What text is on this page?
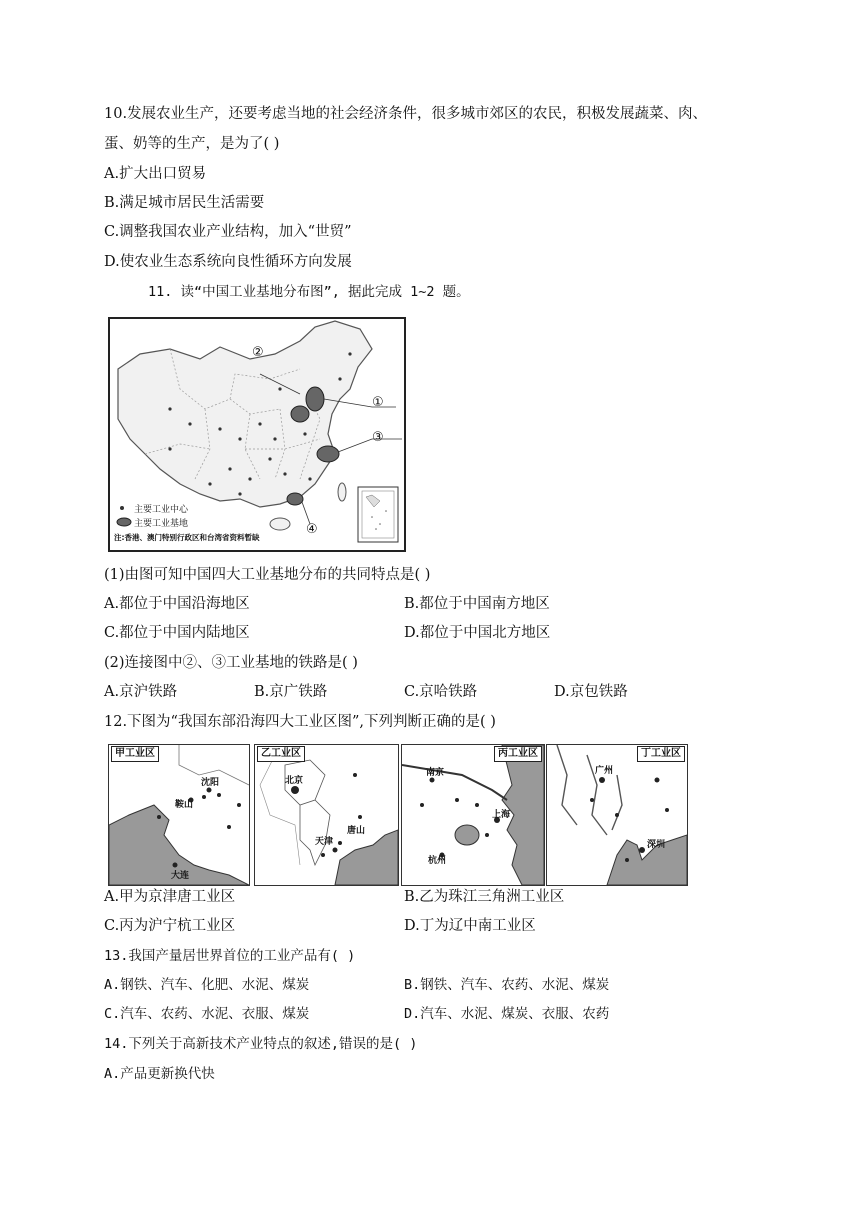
10.发展农业生产，还要考虑当地的社会经济条件，很多城市郊区的农民，积极发展蔬菜、肉、
蛋、奶等的生产，是为了( )
A.扩大出口贸易
B.满足城市居民生活需要
C.调整我国农业产业结构，加入“世贸”
D.使农业生态系统向良性循环方向发展
11. 读“中国工业基地分布图”, 据此完成 1~2 题。
②
①
③
④
主要工业中心
主要工业基地
注:香港、澳门特别行政区和台湾省资料暂缺
(1)由图可知中国四大工业基地分布的共同特点是( )
A.都位于中国沿海地区	B.都位于中国南方地区
C.都位于中国内陆地区	D.都位于中国北方地区
(2)连接图中②、③工业基地的铁路是( )
A.京沪铁路	B.京广铁路	C.京哈铁路	D.京包铁路
12.下图为“我国东部沿海四大工业区图”,下列判断正确的是( )
甲工业区
沈阳
鞍山
大连
乙工业区
北京
唐山
天津
丙工业区
南京
上海
杭州
丁工业区
广州
深圳
A.甲为京津唐工业区	B.乙为珠江三角洲工业区
C.丙为沪宁杭工业区	D.丁为辽中南工业区
13.我国产量居世界首位的工业产品有( )
A.钢铁、汽车、化肥、水泥、煤炭	B.钢铁、汽车、农药、水泥、煤炭
C.汽车、农药、水泥、衣服、煤炭	D.汽车、水泥、煤炭、衣服、农药
14.下列关于高新技术产业特点的叙述,错误的是( )
A.产品更新换代快
